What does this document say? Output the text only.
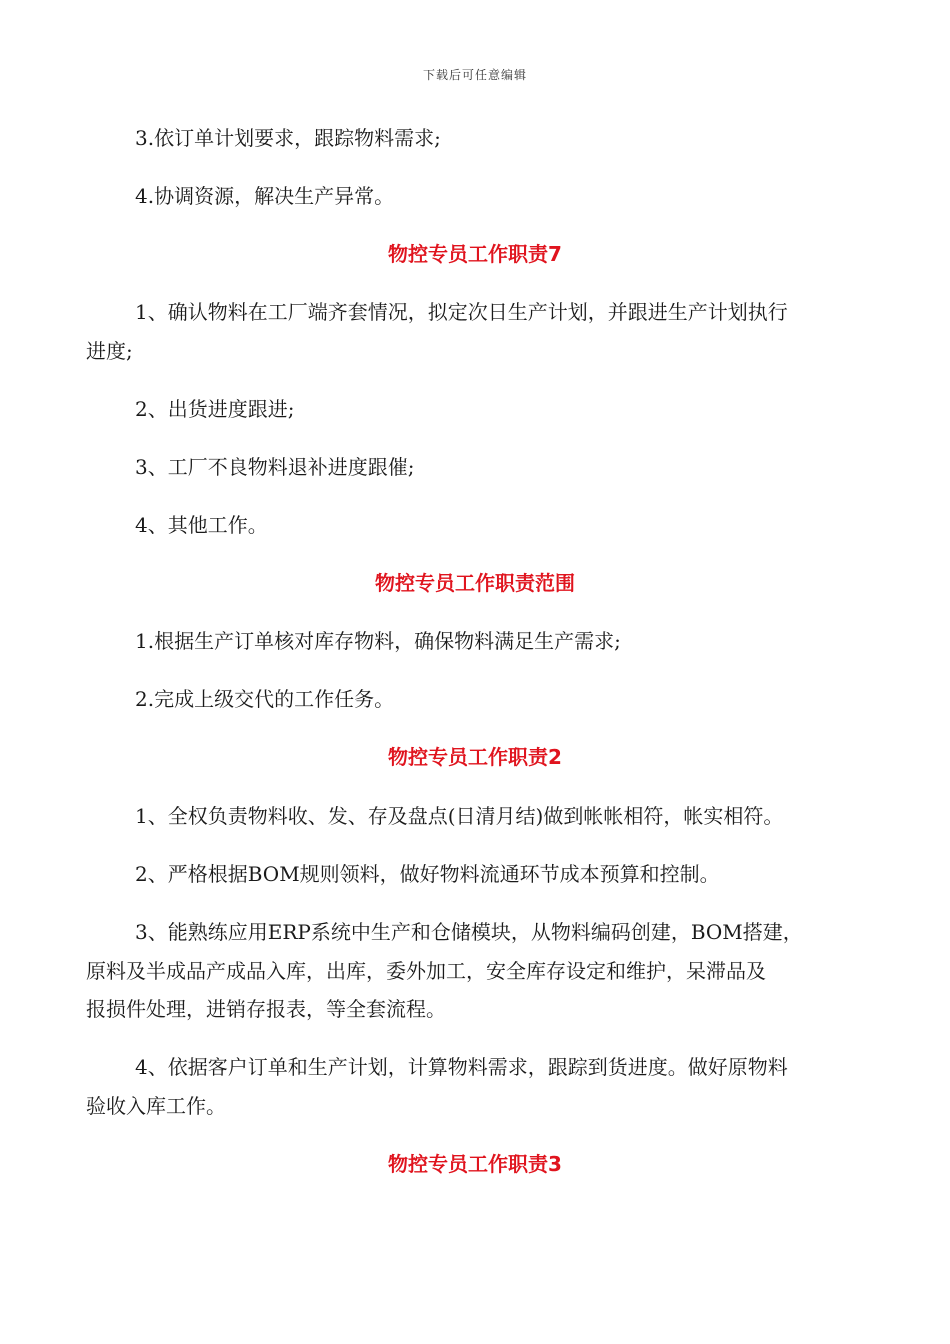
下载后可任意编辑
3.依订单计划要求，跟踪物料需求;
4.协调资源，解决生产异常。
物控专员工作职责7
1、确认物料在工厂端齐套情况，拟定次日生产计划，并跟进生产计划执行
进度;
2、出货进度跟进;
3、工厂不良物料退补进度跟催;
4、其他工作。
物控专员工作职责范围
1.根据生产订单核对库存物料，确保物料满足生产需求;
2.完成上级交代的工作任务。
物控专员工作职责2
1、全权负责物料收、发、存及盘点(日清月结)做到帐帐相符，帐实相符。
2、严格根据BOM规则领料，做好物料流通环节成本预算和控制。
3、能熟练应用ERP系统中生产和仓储模块，从物料编码创建，BOM搭建，
原料及半成品产成品入库，出库，委外加工，安全库存设定和维护，呆滞品及
报损件处理，进销存报表，等全套流程。
4、依据客户订单和生产计划，计算物料需求，跟踪到货进度。做好原物料
验收入库工作。
物控专员工作职责3
